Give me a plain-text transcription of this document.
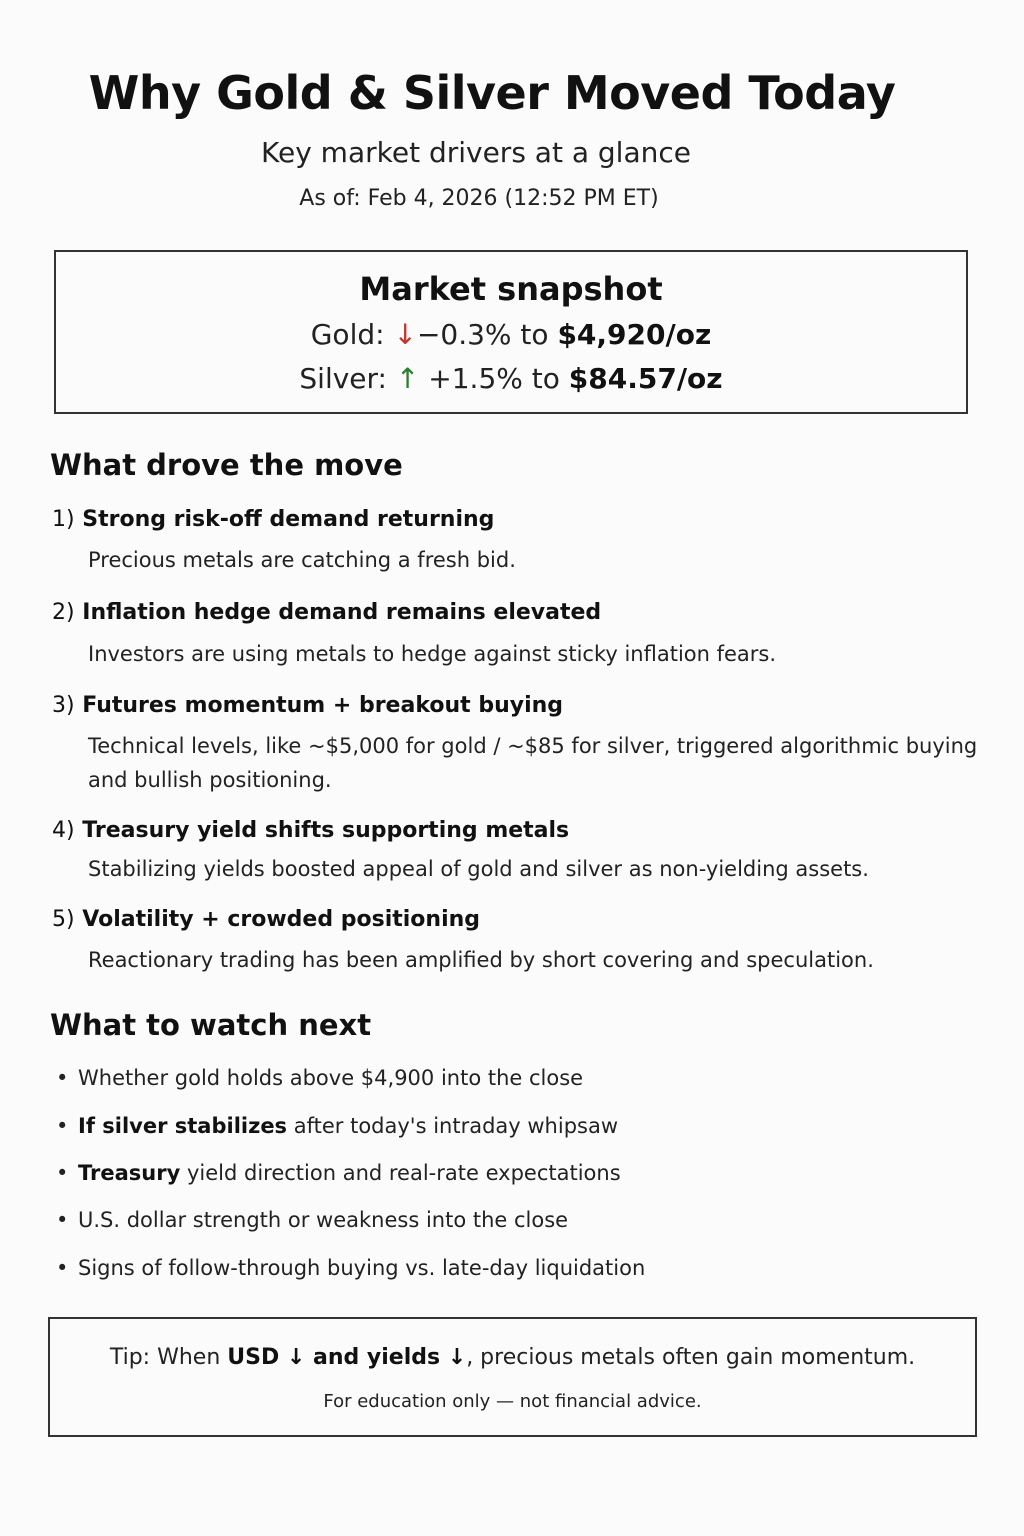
Why Gold & Silver Moved Today
Key market drivers at a glance
As of: Feb 4, 2026 (12:52 PM ET)
Market snapshot
Gold: ↓−0.3% to $4,920/oz
Silver: ↑ +1.5% to $84.57/oz
What drove the move
1) Strong risk-off demand returning
Precious metals are catching a fresh bid.
2) Inflation hedge demand remains elevated
Investors are using metals to hedge against sticky inflation fears.
3) Futures momentum + breakout buying
Technical levels, like ~$5,000 for gold / ~$85 for silver, triggered algorithmic buying and bullish positioning.
4) Treasury yield shifts supporting metals
Stabilizing yields boosted appeal of gold and silver as non-yielding assets.
5) Volatility + crowded positioning
Reactionary trading has been amplified by short covering and speculation.
What to watch next
• Whether gold holds above $4,900 into the close
• If silver stabilizes after today's intraday whipsaw
• Treasury yield direction and real-rate expectations
• U.S. dollar strength or weakness into the close
• Signs of follow-through buying vs. late-day liquidation
Tip: When USD ↓ and yields ↓, precious metals often gain momentum.
For education only — not financial advice.
